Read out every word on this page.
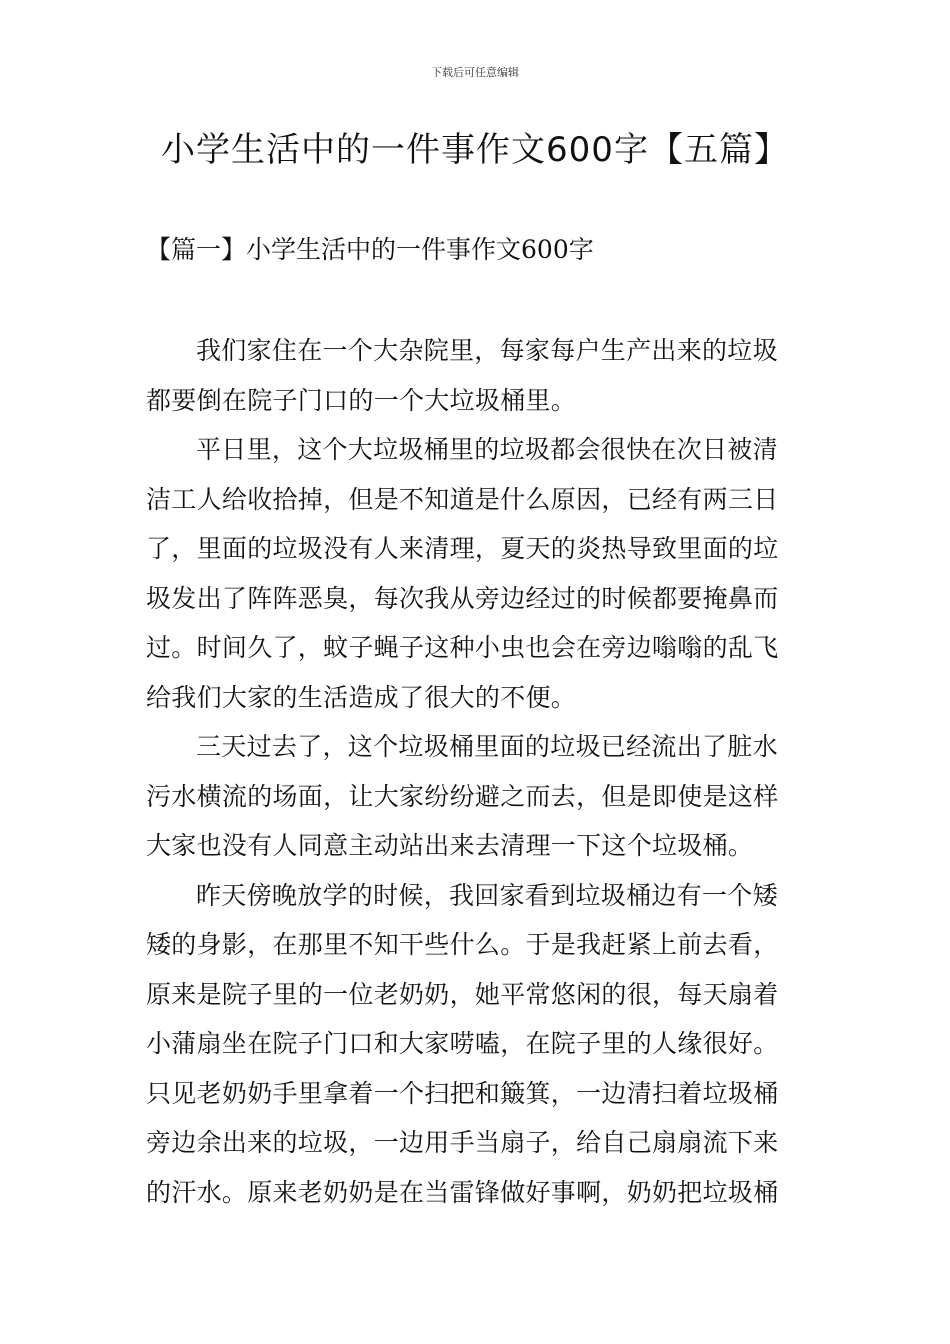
下载后可任意编辑
小学生活中的一件事作文600字【五篇】
【篇一】小学生活中的一件事作文600字

我们家住在一个大杂院里，每家每户生产出来的垃圾
都要倒在院子门口的一个大垃圾桶里。

平日里，这个大垃圾桶里的垃圾都会很快在次日被清
洁工人给收拾掉，但是不知道是什么原因，已经有两三日
了，里面的垃圾没有人来清理，夏天的炎热导致里面的垃
圾发出了阵阵恶臭，每次我从旁边经过的时候都要掩鼻而
过。时间久了，蚊子蝇子这种小虫也会在旁边嗡嗡的乱飞
给我们大家的生活造成了很大的不便。

三天过去了，这个垃圾桶里面的垃圾已经流出了脏水
污水横流的场面，让大家纷纷避之而去，但是即使是这样
大家也没有人同意主动站出来去清理一下这个垃圾桶。

昨天傍晚放学的时候，我回家看到垃圾桶边有一个矮
矮的身影，在那里不知干些什么。于是我赶紧上前去看，
原来是院子里的一位老奶奶，她平常悠闲的很，每天扇着
小蒲扇坐在院子门口和大家唠嗑，在院子里的人缘很好。
只见老奶奶手里拿着一个扫把和簸箕，一边清扫着垃圾桶
旁边余出来的垃圾，一边用手当扇子，给自己扇扇流下来
的汗水。原来老奶奶是在当雷锋做好事啊，奶奶把垃圾桶
